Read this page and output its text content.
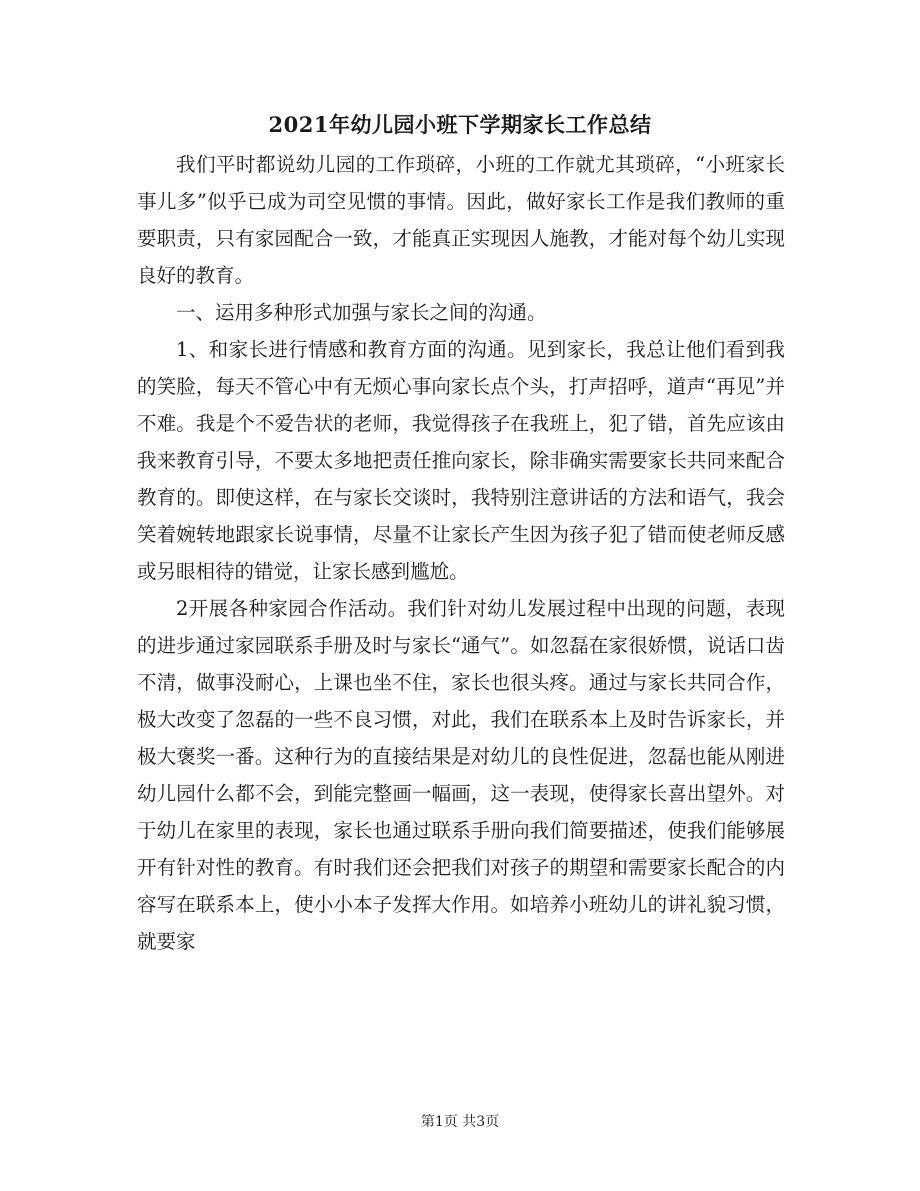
2021年幼儿园小班下学期家长工作总结

我们平时都说幼儿园的工作琐碎，小班的工作就尤其琐碎，“小班家长事儿多”似乎已成为司空见惯的事情。因此，做好家长工作是我们教师的重要职责，只有家园配合一致，才能真正实现因人施教，才能对每个幼儿实现良好的教育。

一、运用多种形式加强与家长之间的沟通。

1、和家长进行情感和教育方面的沟通。见到家长，我总让他们看到我的笑脸，每天不管心中有无烦心事向家长点个头，打声招呼，道声“再见”并不难。我是个不爱告状的老师，我觉得孩子在我班上，犯了错，首先应该由我来教育引导，不要太多地把责任推向家长，除非确实需要家长共同来配合教育的。即使这样，在与家长交谈时，我特别注意讲话的方法和语气，我会笑着婉转地跟家长说事情，尽量不让家长产生因为孩子犯了错而使老师反感或另眼相待的错觉，让家长感到尴尬。

2开展各种家园合作活动。我们针对幼儿发展过程中出现的问题，表现的进步通过家园联系手册及时与家长“通气”。如忽磊在家很娇惯，说话口齿不清，做事没耐心，上课也坐不住，家长也很头疼。通过与家长共同合作，极大改变了忽磊的一些不良习惯，对此，我们在联系本上及时告诉家长，并极大褒奖一番。这种行为的直接结果是对幼儿的良性促进，忽磊也能从刚进幼儿园什么都不会，到能完整画一幅画，这一表现，使得家长喜出望外。对于幼儿在家里的表现，家长也通过联系手册向我们简要描述，使我们能够展开有针对性的教育。有时我们还会把我们对孩子的期望和需要家长配合的内容写在联系本上，使小小本子发挥大作用。如培养小班幼儿的讲礼貌习惯，就要家

第1页 共3页
